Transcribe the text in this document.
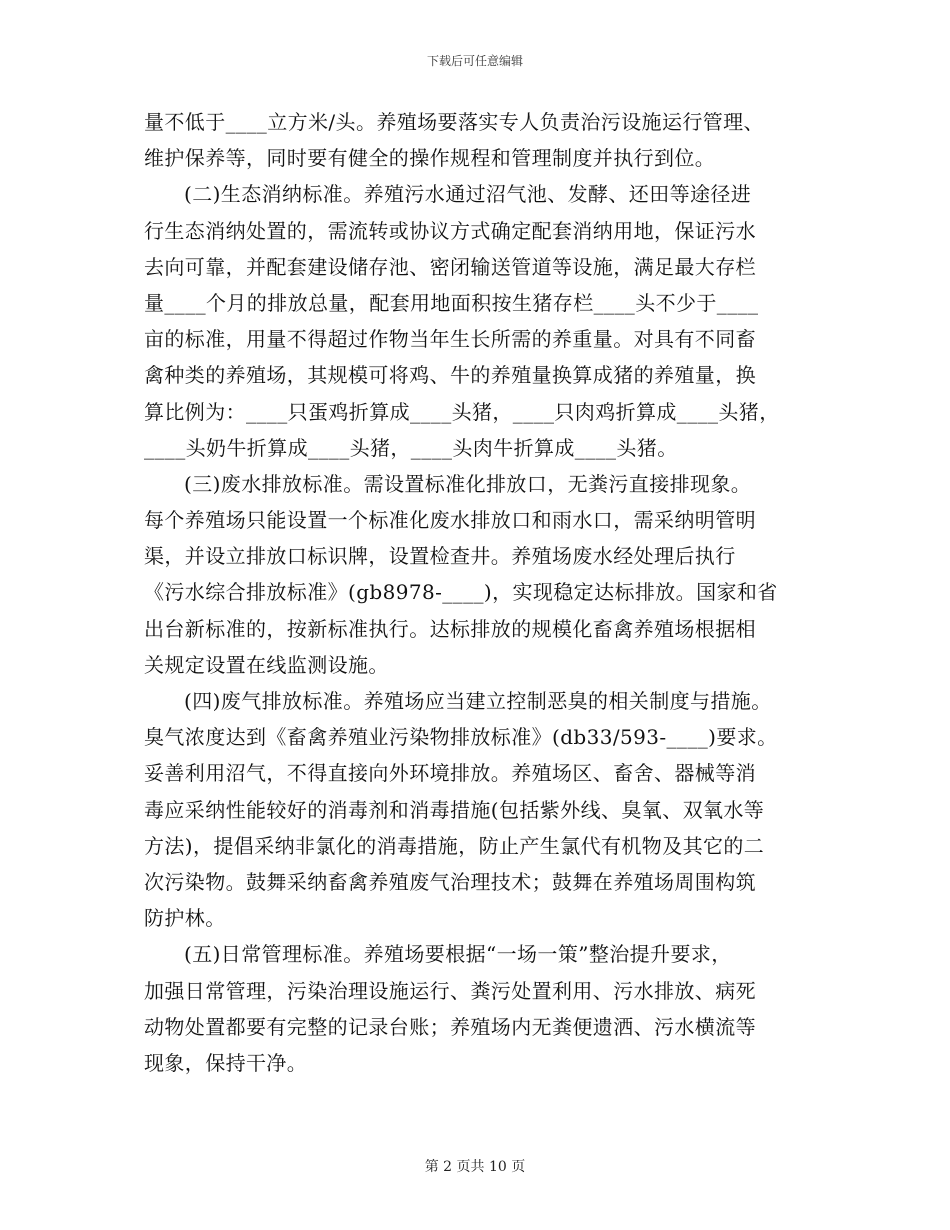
下载后可任意编辑
量不低于____立方米/头。养殖场要落实专人负责治污设施运行管理、
维护保养等，同时要有健全的操作规程和管理制度并执行到位。
(二)生态消纳标准。养殖污水通过沼气池、发酵、还田等途径进
行生态消纳处置的，需流转或协议方式确定配套消纳用地，保证污水
去向可靠，并配套建设储存池、密闭输送管道等设施，满足最大存栏
量____个月的排放总量，配套用地面积按生猪存栏____头不少于____
亩的标准，用量不得超过作物当年生长所需的养重量。对具有不同畜
禽种类的养殖场，其规模可将鸡、牛的养殖量换算成猪的养殖量，换
算比例为：____只蛋鸡折算成____头猪，____只肉鸡折算成____头猪，
____头奶牛折算成____头猪，____头肉牛折算成____头猪。
(三)废水排放标准。需设置标准化排放口，无粪污直接排现象。
每个养殖场只能设置一个标准化废水排放口和雨水口，需采纳明管明
渠，并设立排放口标识牌，设置检查井。养殖场废水经处理后执行
《污水综合排放标准》(gb8978-____)，实现稳定达标排放。国家和省
出台新标准的，按新标准执行。达标排放的规模化畜禽养殖场根据相
关规定设置在线监测设施。
(四)废气排放标准。养殖场应当建立控制恶臭的相关制度与措施。
臭气浓度达到《畜禽养殖业污染物排放标准》(db33/593-____)要求。
妥善利用沼气，不得直接向外环境排放。养殖场区、畜舍、器械等消
毒应采纳性能较好的消毒剂和消毒措施(包括紫外线、臭氧、双氧水等
方法)，提倡采纳非氯化的消毒措施，防止产生氯代有机物及其它的二
次污染物。鼓舞采纳畜禽养殖废气治理技术；鼓舞在养殖场周围构筑
防护林。
(五)日常管理标准。养殖场要根据“一场一策”整治提升要求，
加强日常管理，污染治理设施运行、粪污处置利用、污水排放、病死
动物处置都要有完整的记录台账；养殖场内无粪便遗洒、污水横流等
现象，保持干净。
第 2 页共 10 页
